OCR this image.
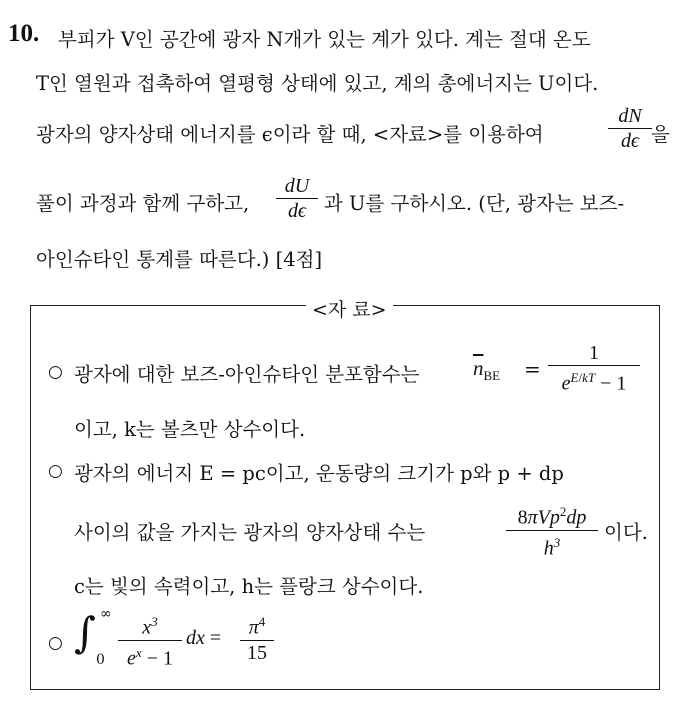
10. 부피가 V인 공간에 광자 N개가 있는 계가 있다. 계는 절대 온도
T인 열원과 접촉하여 열평형 상태에 있고, 계의 총에너지는 U이다.
광자의 양자상태 에너지를 ϵ이라 할 때, <자료>를 이용하여
dN
dϵ 을
풀이 과정과 함께 구하고,
dU
dϵ 과 U를 구하시오. (단, 광자는 보즈-
아인슈타인 통계를 따른다.) [4점]
<자 료>
○ 광자에 대한 보즈-아인슈타인 분포함수는	$\overline{n}_{BE}$ =
1
$e^{E/kT} - 1$
이고, k는 볼츠만 상수이다.
○ 광자의 에너지 E = pc이고, 운동량의 크기가 p와 p + dp
사이의 값을 가지는 광자의 양자상태 수는
8πVp$^2$dp
$h^3$	이다.
c는 빛의 속력이고, h는 플랑크 상수이다.
○ ∫ ∞
0
$x^3$
$e^x - 1$
dx =	$\pi^4$
15
